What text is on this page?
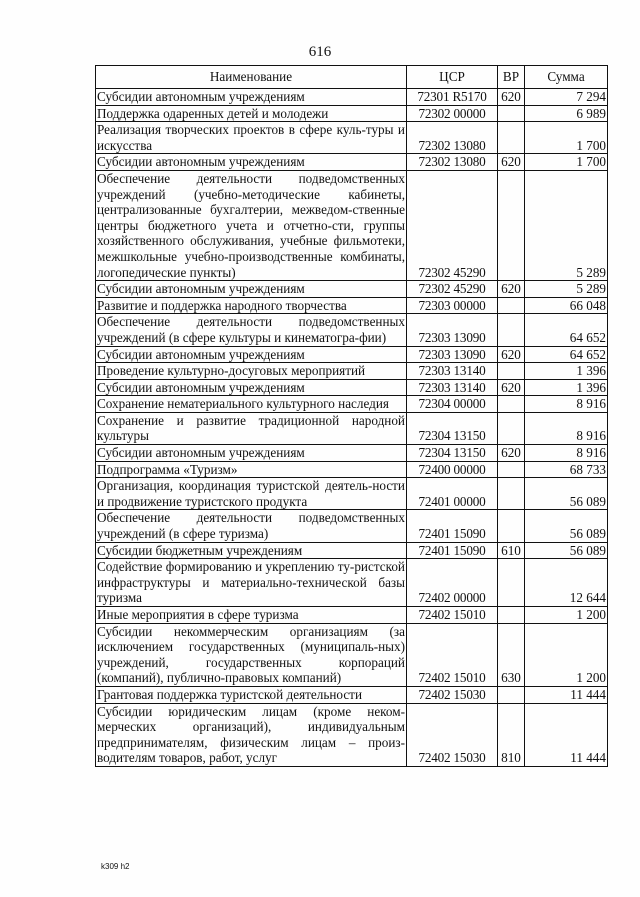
616
Наименование	ЦСР	ВР	Сумма
Субсидии автономным учреждениям	72301 R5170	620	7 294
Поддержка одаренных детей и молодежи	72302 00000		6 989
Реализация творческих проектов в сфере куль-туры и искусства	72302 13080		1 700
Субсидии автономным учреждениям	72302 13080	620	1 700
Обеспечение деятельности подведомственных учреждений (учебно-методические кабинеты, централизованные бухгалтерии, межведом-ственные центры бюджетного учета и отчетно-сти, группы хозяйственного обслуживания, учебные фильмотеки, межшкольные учебно-производственные комбинаты, логопедические пункты)	72302 45290		5 289
Субсидии автономным учреждениям	72302 45290	620	5 289
Развитие и поддержка народного творчества	72303 00000		66 048
Обеспечение деятельности подведомственных учреждений (в сфере культуры и кинематогра-фии)	72303 13090		64 652
Субсидии автономным учреждениям	72303 13090	620	64 652
Проведение культурно-досуговых мероприятий	72303 13140		1 396
Субсидии автономным учреждениям	72303 13140	620	1 396
Сохранение нематериального культурного наследия	72304 00000		8 916
Сохранение и развитие традиционной народной культуры	72304 13150		8 916
Субсидии автономным учреждениям	72304 13150	620	8 916
Подпрограмма «Туризм»	72400 00000		68 733
Организация, координация туристской деятель-ности и продвижение туристского продукта	72401 00000		56 089
Обеспечение деятельности подведомственных учреждений (в сфере туризма)	72401 15090		56 089
Субсидии бюджетным учреждениям	72401 15090	610	56 089
Содействие формированию и укреплению ту-ристской инфраструктуры и материально-технической базы туризма	72402 00000		12 644
Иные мероприятия в сфере туризма	72402 15010		1 200
Субсидии некоммерческим организациям (за исключением государственных (муниципаль-ных) учреждений, государственных корпораций (компаний), публично-правовых компаний)	72402 15010	630	1 200
Грантовая поддержка туристской деятельности	72402 15030		11 444
Субсидии юридическим лицам (кроме неком-мерческих организаций), индивидуальным предпринимателям, физическим лицам – произ-водителям товаров, работ, услуг	72402 15030	810	11 444
k309 h2
